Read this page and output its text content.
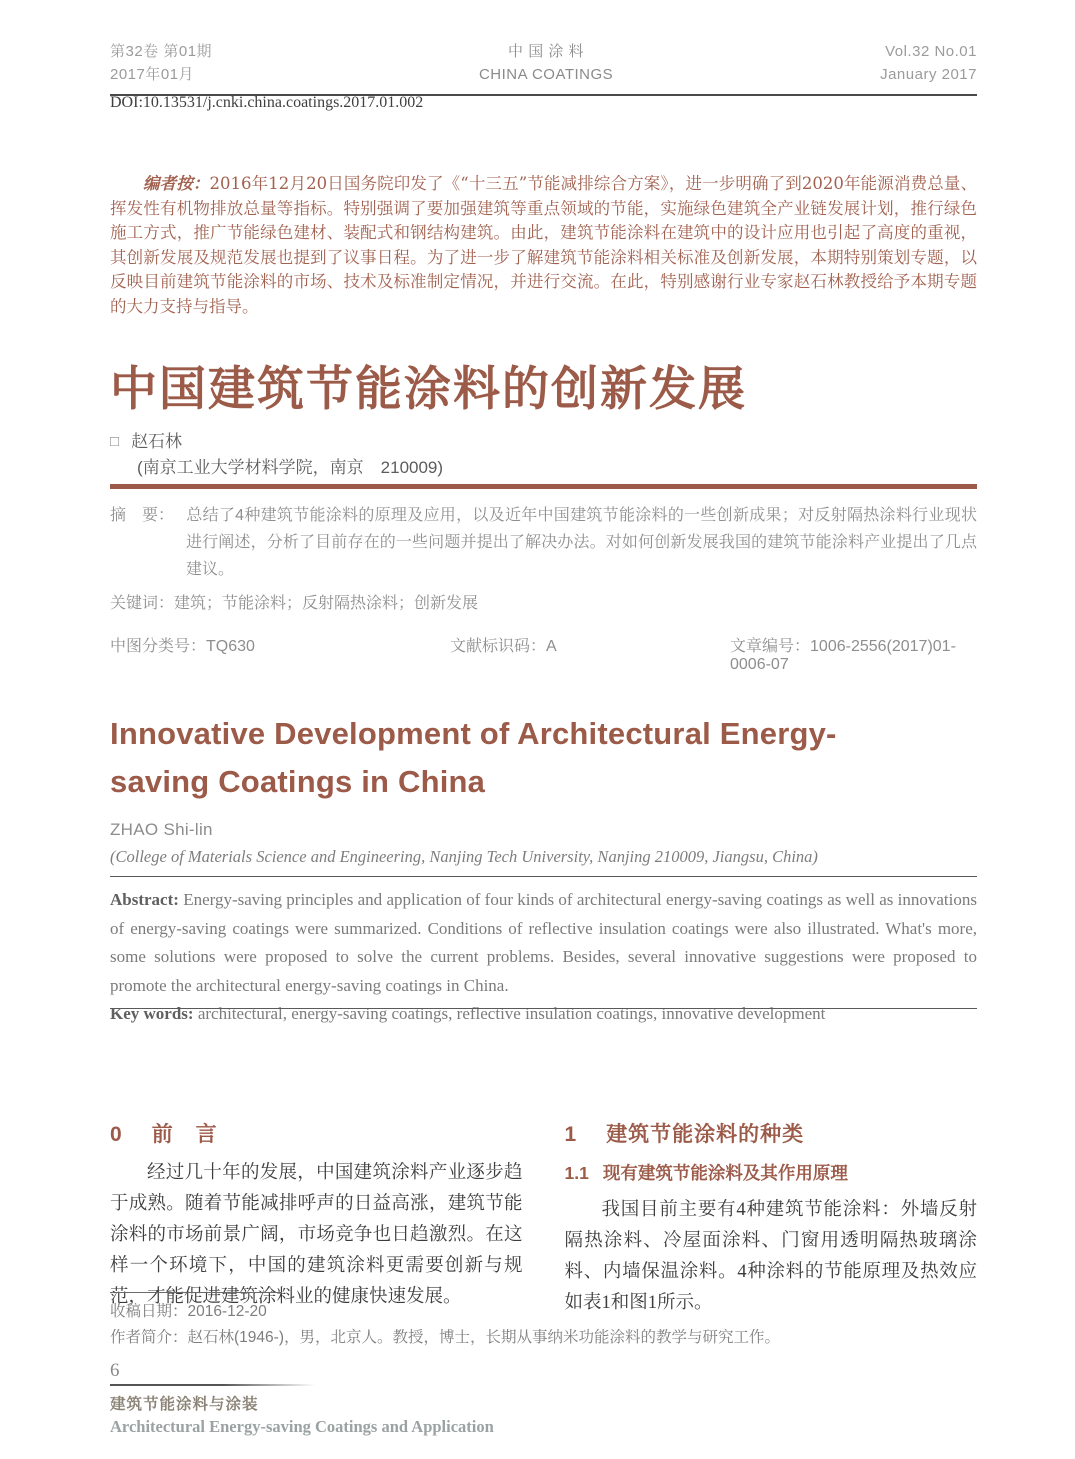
第32卷 第01期
2017年01月
中 国 涂 料
CHINA COATINGS
Vol.32 No.01
January 2017
DOI:10.13531/j.cnki.china.coatings.2017.01.002
编者按：2016年12月20日国务院印发了《“十三五”节能减排综合方案》，进一步明确了到2020年能源消费总量、挥发性有机物排放总量等指标。特别强调了要加强建筑等重点领域的节能，实施绿色建筑全产业链发展计划，推行绿色施工方式，推广节能绿色建材、装配式和钢结构建筑。由此，建筑节能涂料在建筑中的设计应用也引起了高度的重视，其创新发展及规范发展也提到了议事日程。为了进一步了解建筑节能涂料相关标准及创新发展，本期特别策划专题，以反映目前建筑节能涂料的市场、技术及标准制定情况，并进行交流。在此，特别感谢行业专家赵石林教授给予本期专题的大力支持与指导。
中国建筑节能涂料的创新发展
□ 赵石林
(南京工业大学材料学院，南京　210009)

摘　要： 总结了4种建筑节能涂料的原理及应用，以及近年中国建筑节能涂料的一些创新成果；对反射隔热涂料行业现状进行阐述，分析了目前存在的一些问题并提出了解决办法。对如何创新发展我国的建筑节能涂料产业提出了几点建议。

关键词：建筑；节能涂料；反射隔热涂料；创新发展

中图分类号：TQ630	文献标识码：A	文章编号：1006-2556(2017)01-0006-07
Innovative Development of Architectural Energy-saving Coatings in China
ZHAO Shi-lin
(College of Materials Science and Engineering, Nanjing Tech University, Nanjing 210009, Jiangsu, China)

Abstract: Energy-saving principles and application of four kinds of architectural energy-saving coatings as well as innovations of energy-saving coatings were summarized. Conditions of reflective insulation coatings were also illustrated. What's more, some solutions were proposed to solve the current problems. Besides, several innovative suggestions were proposed to promote the architectural energy-saving coatings in China.

Key words: architectural, energy-saving coatings, reflective insulation coatings, innovative development

0 前　言

经过几十年的发展，中国建筑涂料产业逐步趋于成熟。随着节能减排呼声的日益高涨，建筑节能涂料的市场前景广阔，市场竞争也日趋激烈。在这样一个环境下，中国的建筑涂料更需要创新与规范，才能促进建筑涂料业的健康快速发展。

1 建筑节能涂料的种类
1.1 现有建筑节能涂料及其作用原理

我国目前主要有4种建筑节能涂料：外墙反射隔热涂料、冷屋面涂料、门窗用透明隔热玻璃涂料、内墙保温涂料。4种涂料的节能原理及热效应如表1和图1所示。

收稿日期：2016-12-20
作者简介：赵石林(1946-)，男，北京人。教授，博士，长期从事纳米功能涂料的教学与研究工作。
6
建筑节能涂料与涂装
Architectural Energy-saving Coatings and Application
